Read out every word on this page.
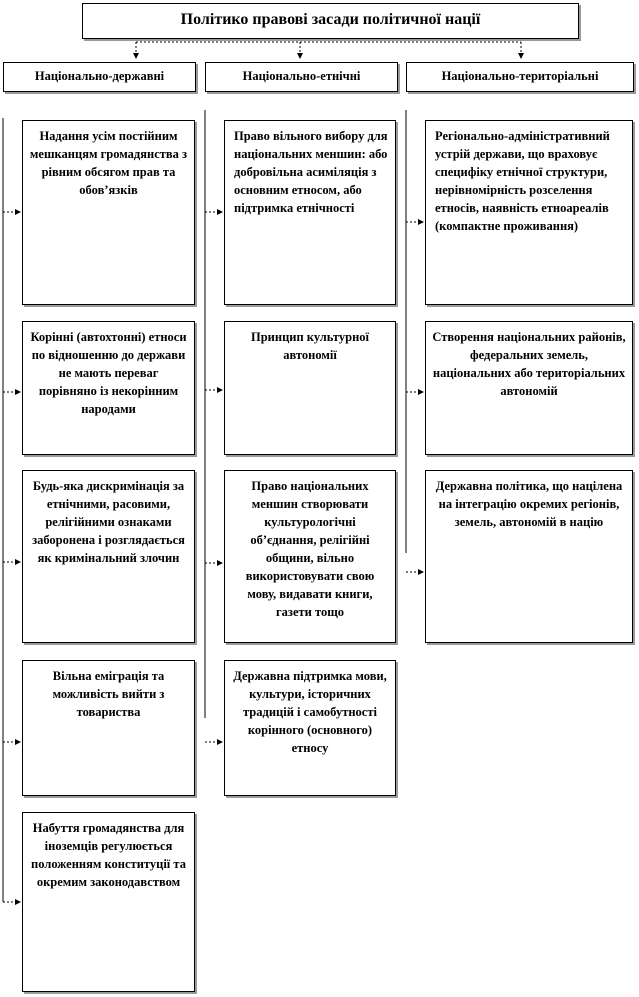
Політико правові засади політичної нації
Національно-державні	Національно-етнічні	Національно-територіальні
Надання усім постійним мешканцям громадянства з рівним обсягом прав та обов’язків
Корінні (автохтонні) етноси по відношенню до держави не мають переваг порівняно із некорінним народами
Будь-яка дискримінація за етнічними, расовими, релігійними ознаками заборонена і розглядається як кримінальний злочин
Вільна еміграція та можливість вийти з товариства
Набуття громадянства для іноземців регулюється положенням конституції та окремим законодавством
Право вільного вибору для національних меншин: або добровільна асиміляція з основним етносом, або підтримка етнічності
Принцип культурної автономії
Право національних меншин створювати культурологічні об’єднання, релігійні общини, вільно використовувати свою мову, видавати книги, газети тощо
Державна підтримка мови, культури, історичних традицій і самобутності корінного (основного) етносу
Регіонально-адміністративний устрій держави, що враховує специфіку етнічної структури, нерівномірність розселення етносів, наявність етноареалів (компактне проживання)
Створення національних районів, федеральних земель, національних або територіальних автономій
Державна політика, що націлена на інтеграцію окремих регіонів, земель, автономій в націю
